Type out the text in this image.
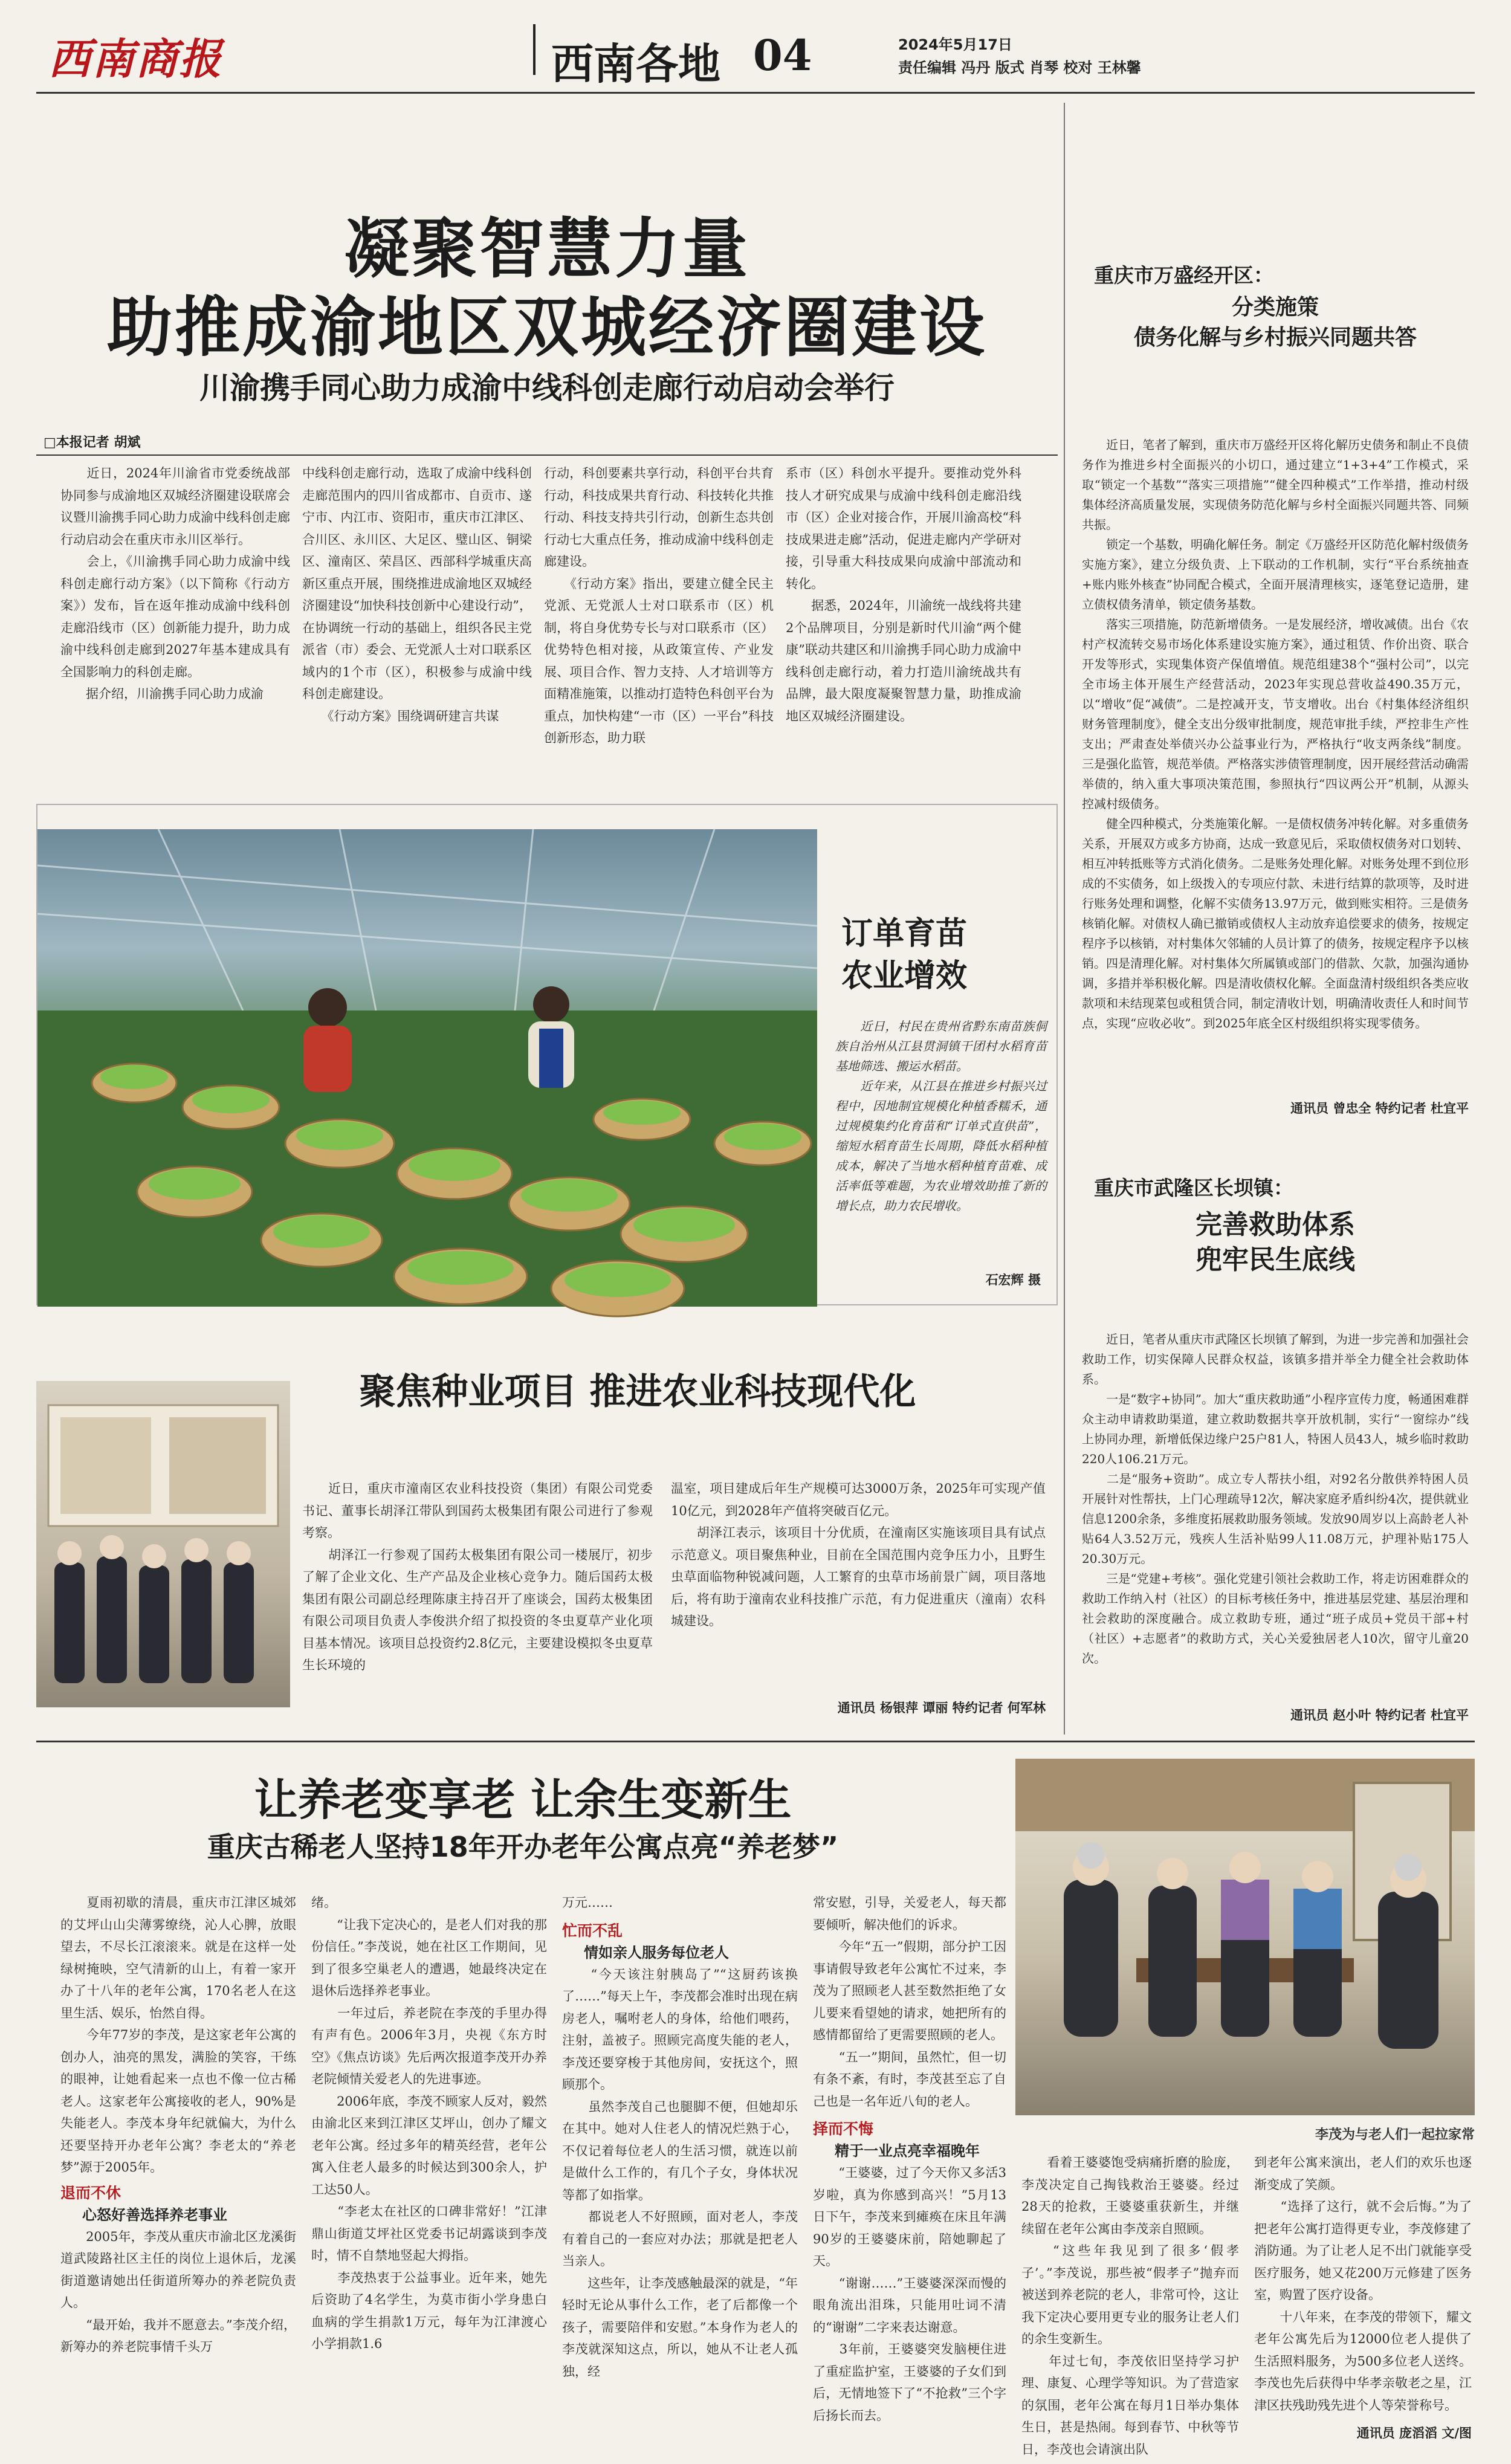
西南商报	西南各地 04	2024年5月17日
责任编辑 冯丹 版式 肖琴 校对 王林馨
凝聚智慧力量
助推成渝地区双城经济圈建设
川渝携手同心助力成渝中线科创走廊行动启动会举行
□本报记者 胡斌
　　近日，2024年川渝省市党委统战部协同参与成渝地区双城经济圈建设联席会议暨川渝携手同心助力成渝中线科创走廊行动启动会在重庆市永川区举行。
　　会上，《川渝携手同心助力成渝中线科创走廊行动方案》（以下简称《行动方案》）发布，旨在返年推动成渝中线科创走廊沿线市（区）创新能力提升，助力成渝中线科创走廊到2027年基本建成具有全国影响力的科创走廊。
　　据介绍，川渝携手同心助力成渝
中线科创走廊行动，选取了成渝中线科创走廊范围内的四川省成都市、自贡市、遂宁市、内江市、资阳市，重庆市江津区、合川区、永川区、大足区、璧山区、铜梁区、潼南区、荣昌区、西部科学城重庆高新区重点开展，围绕推进成渝地区双城经济圈建设“加快科技创新中心建设行动”，在协调统一行动的基础上，组织各民主党派省（市）委会、无党派人士对口联系区域内的1个市（区），积极参与成渝中线科创走廊建设。
　　《行动方案》围绕调研建言共谋
行动，科创要素共享行动，科创平台共育行动，科技成果共育行动、科技转化共推行动、科技支持共引行动，创新生态共创行动七大重点任务，推动成渝中线科创走廊建设。
　　《行动方案》指出，要建立健全民主党派、无党派人士对口联系市（区）机制，将自身优势专长与对口联系市（区）优势特色相对接，从政策宣传、产业发展、项目合作、智力支持、人才培训等方面精准施策，以推动打造特色科创平台为重点，加快构建“一市（区）一平台”科技创新形态，助力联
系市（区）科创水平提升。要推动党外科技人才研究成果与成渝中线科创走廊沿线市（区）企业对接合作，开展川渝高校“科技成果进走廊”活动，促进走廊内产学研对接，引导重大科技成果向成渝中部流动和转化。
　　据悉，2024年，川渝统一战线将共建2个品牌项目，分别是新时代川渝“两个健康”联动共建区和川渝携手同心助力成渝中线科创走廊行动，着力打造川渝统战共有品牌，最大限度凝聚智慧力量，助推成渝地区双城经济圈建设。
重庆市万盛经开区：
分类施策
债务化解与乡村振兴同题共答
　　近日，笔者了解到，重庆市万盛经开区将化解历史债务和制止不良债务作为推进乡村全面振兴的小切口，通过建立“1+3+4”工作模式，采取“锁定一个基数”“落实三项措施”“健全四种模式”工作举措，推动村级集体经济高质量发展，实现债务防范化解与乡村全面振兴同题共答、同频共振。
　　锁定一个基数，明确化解任务。制定《万盛经开区防范化解村级债务实施方案》，建立分级负责、上下联动的工作机制，实行“平台系统抽查+账内账外核查”协同配合模式，全面开展清理核实，逐笔登记造册，建立债权债务清单，锁定债务基数。
　　落实三项措施，防范新增债务。一是发展经济，增收减债。出台《农村产权流转交易市场化体系建设实施方案》，通过租赁、作价出资、联合开发等形式，实现集体资产保值增值。规范组建38个“强村公司”，以完全市场主体开展生产经营活动，2023年实现总营收益490.35万元，以“增收”促“减债”。二是控减开支，节支增收。出台《村集体经济组织财务管理制度》，健全支出分级审批制度，规范审批手续，严控非生产性支出；严肃查处举债兴办公益事业行为，严格执行“收支两条线”制度。三是强化监管，规范举债。严格落实涉债管理制度，因开展经营活动确需举债的，纳入重大事项决策范围，参照执行“四议两公开”机制，从源头控减村级债务。
　　健全四种模式，分类施策化解。一是债权债务冲转化解。对多重债务关系，开展双方或多方协商，达成一致意见后，采取债权债务对口划转、相互冲转抵账等方式消化债务。二是账务处理化解。对账务处理不到位形成的不实债务，如上级拨入的专项应付款、未进行结算的款项等，及时进行账务处理和调整，化解不实债务13.97万元，做到账实相符。三是债务核销化解。对债权人确已撤销或债权人主动放弃追偿要求的债务，按规定程序予以核销，对村集体欠邻辅的人员计算了的债务，按规定程序予以核销。四是清理化解。对村集体欠所属镇或部门的借款、欠款，加强沟通协调，多措并举积极化解。四是清收债权化解。全面盘清村级组织各类应收款项和未结现菜包或租赁合同，制定清收计划，明确清收责任人和时间节点，实现“应收必收”。到2025年底全区村级组织将实现零债务。
通讯员 曾忠全 特约记者 杜宜平
订单育苗
农业增效
　　近日，村民在贵州省黔东南苗族侗族自治州从江县贯洞镇干团村水稻育苗基地筛选、搬运水稻苗。
　　近年来，从江县在推进乡村振兴过程中，因地制宜规模化种植香糯禾，通过规模集约化育苗和“订单式直供苗”，缩短水稻育苗生长周期，降低水稻种植成本，解决了当地水稻种植育苗难、成活率低等难题，为农业增效助推了新的增长点，助力农民增收。
石宏辉 摄
聚焦种业项目 推进农业科技现代化
　　近日，重庆市潼南区农业科技投资（集团）有限公司党委书记、董事长胡泽江带队到国药太极集团有限公司进行了参观考察。
　　胡泽江一行参观了国药太极集团有限公司一楼展厅，初步了解了企业文化、生产产品及企业核心竞争力。随后国药太极集团有限公司副总经理陈康主持召开了座谈会，国药太极集团有限公司项目负责人李俊洪介绍了拟投资的冬虫夏草产业化项目基本情况。该项目总投资约2.8亿元，主要建设模拟冬虫夏草生长环境的
温室，项目建成后年生产规模可达3000万条，2025年可实现产值10亿元，到2028年产值将突破百亿元。
　　胡泽江表示，该项目十分优质，在潼南区实施该项目具有试点示范意义。项目聚焦种业，目前在全国范围内竞争压力小，且野生虫草面临物种锐减问题，人工繁育的虫草市场前景广阔，项目落地后，将有助于潼南农业科技推广示范，有力促进重庆（潼南）农科城建设。
通讯员 杨银萍 谭丽 特约记者 何军林
重庆市武隆区长坝镇：
完善救助体系
兜牢民生底线
　　近日，笔者从重庆市武隆区长坝镇了解到，为进一步完善和加强社会救助工作，切实保障人民群众权益，该镇多措并举全力健全社会救助体系。
　　一是“数字+协同”。加大“重庆救助通”小程序宣传力度，畅通困难群众主动申请救助渠道，建立救助数据共享开放机制，实行“一窗综办”线上协同办理，新增低保边缘户25户81人，特困人员43人，城乡临时救助220人106.21万元。
　　二是“服务+资助”。成立专人帮扶小组，对92名分散供养特困人员开展针对性帮扶，上门心理疏导12次，解决家庭矛盾纠纷4次，提供就业信息1200余条，多维度拓展救助服务领域。发放90周岁以上高龄老人补贴64人3.52万元，残疾人生活补贴99人11.08万元，护理补贴175人20.30万元。
　　三是“党建+考核”。强化党建引领社会救助工作，将走访困难群众的救助工作纳入村（社区）的目标考核任务中，推进基层党建、基层治理和社会救助的深度融合。成立救助专班，通过“班子成员+党员干部+村（社区）+志愿者”的救助方式，关心关爱独居老人10次，留守儿童20次。
通讯员 赵小叶 特约记者 杜宜平
让养老变享老 让余生变新生
重庆古稀老人坚持18年开办老年公寓点亮“养老梦”
李茂为与老人们一起拉家常
　　夏雨初歇的清晨，重庆市江津区城郊的艾坪山山尖薄雾缭绕，沁人心脾，放眼望去，不尽长江滚滚来。就是在这样一处绿树掩映，空气清新的山上，有着一家开办了十八年的老年公寓，170名老人在这里生活、娱乐，怡然自得。
　　今年77岁的李茂，是这家老年公寓的创办人，油亮的黑发，满脸的笑容，干练的眼神，让她看起来一点也不像一位古稀老人。这家老年公寓接收的老人，90%是失能老人。李茂本身年纪就偏大，为什么还要坚持开办老年公寓？李老太的“养老梦”源于2005年。
退而不休
心怒好善选择养老事业
　　2005年，李茂从重庆市渝北区龙溪街道武陵路社区主任的岗位上退休后，龙溪街道邀请她出任街道所筹办的养老院负责人。
　　“最开始，我并不愿意去。”李茂介绍，新筹办的养老院事情千头万
绪。
　　“让我下定决心的，是老人们对我的那份信任。”李茂说，她在社区工作期间，见到了很多空巢老人的遭遇，她最终决定在退休后选择养老事业。
　　一年过后，养老院在李茂的手里办得有声有色。2006年3月，央视《东方时空》《焦点访谈》先后两次报道李茂开办养老院倾情关爱老人的先进事迹。
　　2006年底，李茂不顾家人反对，毅然由渝北区来到江津区艾坪山，创办了耀文老年公寓。经过多年的精英经营，老年公寓入住老人最多的时候达到300余人，护工达50人。
　　“李老太在社区的口碑非常好！”江津鼎山街道艾坪社区党委书记胡露谈到李茂时，情不自禁地竖起大拇指。
　　李茂热衷于公益事业。近年来，她先后资助了4名学生，为莫市街小学身患白血病的学生捐款1万元，每年为江津渡心小学捐款1.6
万元……
忙而不乱
情如亲人服务每位老人
　　“今天该注射胰岛了”“这厨药该换了……”每天上午，李茂都会准时出现在病房老人，嘱咐老人的身体，给他们喂药，注射，盖被子。照顾完高度失能的老人，李茂还要穿梭于其他房间，安抚这个，照顾那个。
　　虽然李茂自己也腿脚不便，但她却乐在其中。她对人住老人的情况烂熟于心，不仅记着每位老人的生活习惯，就连以前是做什么工作的，有几个子女，身体状况等都了如指掌。
　　都说老人不好照顾，面对老人，李茂有着自己的一套应对办法；那就是把老人当亲人。
　　这些年，让李茂感触最深的就是，“年轻时无论从事什么工作，老了后都像一个孩子，需要陪伴和安慰。”本身作为老人的李茂就深知这点，所以，她从不让老人孤独，经
常安慰，引导，关爱老人，每天都要倾听，解决他们的诉求。
　　今年“五一”假期，部分护工因事请假导致老年公寓忙不过来，李茂为了照顾老人甚至数然拒绝了女儿要来看望她的请求，她把所有的感情都留给了更需要照顾的老人。
　　“五一”期间，虽然忙，但一切有条不紊，有时，李茂甚至忘了自己也是一名年近八旬的老人。
择而不悔
精于一业点亮幸福晚年
　　“王婆婆，过了今天你又多活3岁啦，真为你感到高兴！”5月13日下午，李茂来到瘫痪在床且年满90岁的王婆婆床前，陪她聊起了天。
　　“谢谢……”王婆婆深深而慢的眼角流出泪珠，只能用吐词不清的“谢谢”二字来表达谢意。
　　3年前，王婆婆突发脑梗住进了重症监护室，王婆婆的子女们到后，无情地签下了“不抢救”三个字后扬长而去。
　　看着王婆婆饱受病痛折磨的脸庞，李茂决定自己掏钱救治王婆婆。经过28天的抢救，王婆婆重获新生，并继续留在老年公寓由李茂亲自照顾。
　　“这些年我见到了很多‘假孝子’。”李茂说，那些被“假孝子”抛弃而被送到养老院的老人，非常可怜，这让我下定决心要用更专业的服务让老人们的余生变新生。
　　年过七旬，李茂依旧坚持学习护理、康复、心理学等知识。为了营造家的氛围，老年公寓在每月1日举办集体生日，甚是热闹。每到春节、中秋等节日，李茂也会请演出队
到老年公寓来演出，老人们的欢乐也逐渐变成了笑颜。
　　“选择了这行，就不会后悔。”为了把老年公寓打造得更专业，李茂修建了消防通。为了让老人足不出门就能享受医疗服务，她又花200万元修建了医务室，购置了医疗设备。
　　十八年来，在李茂的带领下，耀文老年公寓先后为12000位老人提供了生活照料服务，为500多位老人送终。李茂也先后获得中华孝亲敬老之星，江津区扶残助残先进个人等荣誉称号。
通讯员 庞滔滔 文/图
